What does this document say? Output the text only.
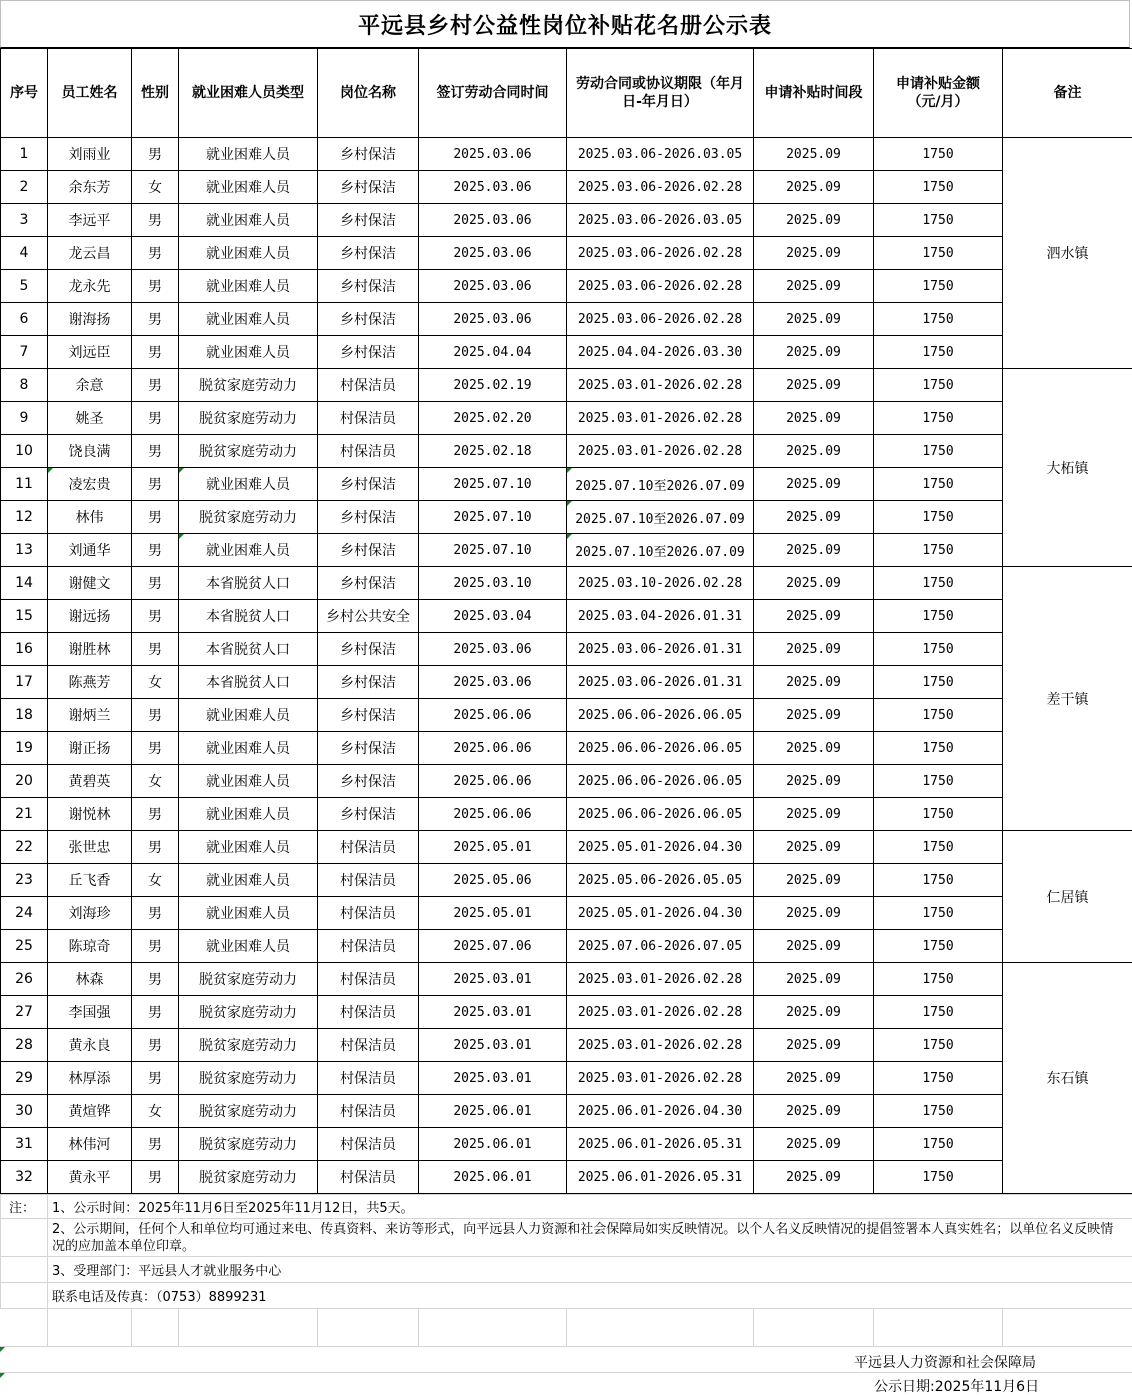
平远县乡村公益性岗位补贴花名册公示表
序号	员工姓名	性别	就业困难人员类型	岗位名称	签订劳动合同时间	劳动合同或协议期限（年月日-年月日）	申请补贴时间段	申请补贴金额（元/月）	备注
1	刘雨业	男	就业困难人员	乡村保洁	2025.03.06	2025.03.06-2026.03.05	2025.09	1750	泗水镇
2	余东芳	女	就业困难人员	乡村保洁	2025.03.06	2025.03.06-2026.02.28	2025.09	1750	
3	李远平	男	就业困难人员	乡村保洁	2025.03.06	2025.03.06-2026.03.05	2025.09	1750	
4	龙云昌	男	就业困难人员	乡村保洁	2025.03.06	2025.03.06-2026.02.28	2025.09	1750	
5	龙永先	男	就业困难人员	乡村保洁	2025.03.06	2025.03.06-2026.02.28	2025.09	1750	
6	谢海扬	男	就业困难人员	乡村保洁	2025.03.06	2025.03.06-2026.02.28	2025.09	1750	
7	刘远臣	男	就业困难人员	乡村保洁	2025.04.04	2025.04.04-2026.03.30	2025.09	1750	
8	余意	男	脱贫家庭劳动力	村保洁员	2025.02.19	2025.03.01-2026.02.28	2025.09	1750	大柘镇
9	姚圣	男	脱贫家庭劳动力	村保洁员	2025.02.20	2025.03.01-2026.02.28	2025.09	1750	
10	饶良满	男	脱贫家庭劳动力	村保洁员	2025.02.18	2025.03.01-2026.02.28	2025.09	1750	
11	凌宏贵	男	就业困难人员	乡村保洁	2025.07.10	2025.07.10至2026.07.09	2025.09	1750	
12	林伟	男	脱贫家庭劳动力	乡村保洁	2025.07.10	2025.07.10至2026.07.09	2025.09	1750	
13	刘通华	男	就业困难人员	乡村保洁	2025.07.10	2025.07.10至2026.07.09	2025.09	1750	
14	谢健文	男	本省脱贫人口	乡村保洁	2025.03.10	2025.03.10-2026.02.28	2025.09	1750	差干镇
15	谢远扬	男	本省脱贫人口	乡村公共安全	2025.03.04	2025.03.04-2026.01.31	2025.09	1750	
16	谢胜林	男	本省脱贫人口	乡村保洁	2025.03.06	2025.03.06-2026.01.31	2025.09	1750	
17	陈燕芳	女	本省脱贫人口	乡村保洁	2025.03.06	2025.03.06-2026.01.31	2025.09	1750	
18	谢炳兰	男	就业困难人员	乡村保洁	2025.06.06	2025.06.06-2026.06.05	2025.09	1750	
19	谢正扬	男	就业困难人员	乡村保洁	2025.06.06	2025.06.06-2026.06.05	2025.09	1750	
20	黄碧英	女	就业困难人员	乡村保洁	2025.06.06	2025.06.06-2026.06.05	2025.09	1750	
21	谢悦林	男	就业困难人员	乡村保洁	2025.06.06	2025.06.06-2026.06.05	2025.09	1750	
22	张世忠	男	就业困难人员	村保洁员	2025.05.01	2025.05.01-2026.04.30	2025.09	1750	仁居镇
23	丘飞香	女	就业困难人员	村保洁员	2025.05.06	2025.05.06-2026.05.05	2025.09	1750	
24	刘海珍	男	就业困难人员	村保洁员	2025.05.01	2025.05.01-2026.04.30	2025.09	1750	
25	陈琼奇	男	就业困难人员	村保洁员	2025.07.06	2025.07.06-2026.07.05	2025.09	1750	
26	林森	男	脱贫家庭劳动力	村保洁员	2025.03.01	2025.03.01-2026.02.28	2025.09	1750	东石镇
27	李国强	男	脱贫家庭劳动力	村保洁员	2025.03.01	2025.03.01-2026.02.28	2025.09	1750	
28	黄永良	男	脱贫家庭劳动力	村保洁员	2025.03.01	2025.03.01-2026.02.28	2025.09	1750	
29	林厚添	男	脱贫家庭劳动力	村保洁员	2025.03.01	2025.03.01-2026.02.28	2025.09	1750	
30	黄煊铧	女	脱贫家庭劳动力	村保洁员	2025.06.01	2025.06.01-2026.04.30	2025.09	1750	
31	林伟河	男	脱贫家庭劳动力	村保洁员	2025.06.01	2025.06.01-2026.05.31	2025.09	1750	
32	黄永平	男	脱贫家庭劳动力	村保洁员	2025.06.01	2025.06.01-2026.05.31	2025.09	1750	
注：	1、公示时间：2025年11月6日至2025年11月12日，共5天。
	2、公示期间，任何个人和单位均可通过来电、传真资料、来访等形式，向平远县人力资源和社会保障局如实反映情况。以个人名义反映情况的提倡签署本人真实姓名；以单位名义反映情况的应加盖本单位印章。
	3、受理部门：平远县人才就业服务中心
	联系电话及传真：（0753）8899231
平远县人力资源和社会保障局
公示日期:2025年11月6日
